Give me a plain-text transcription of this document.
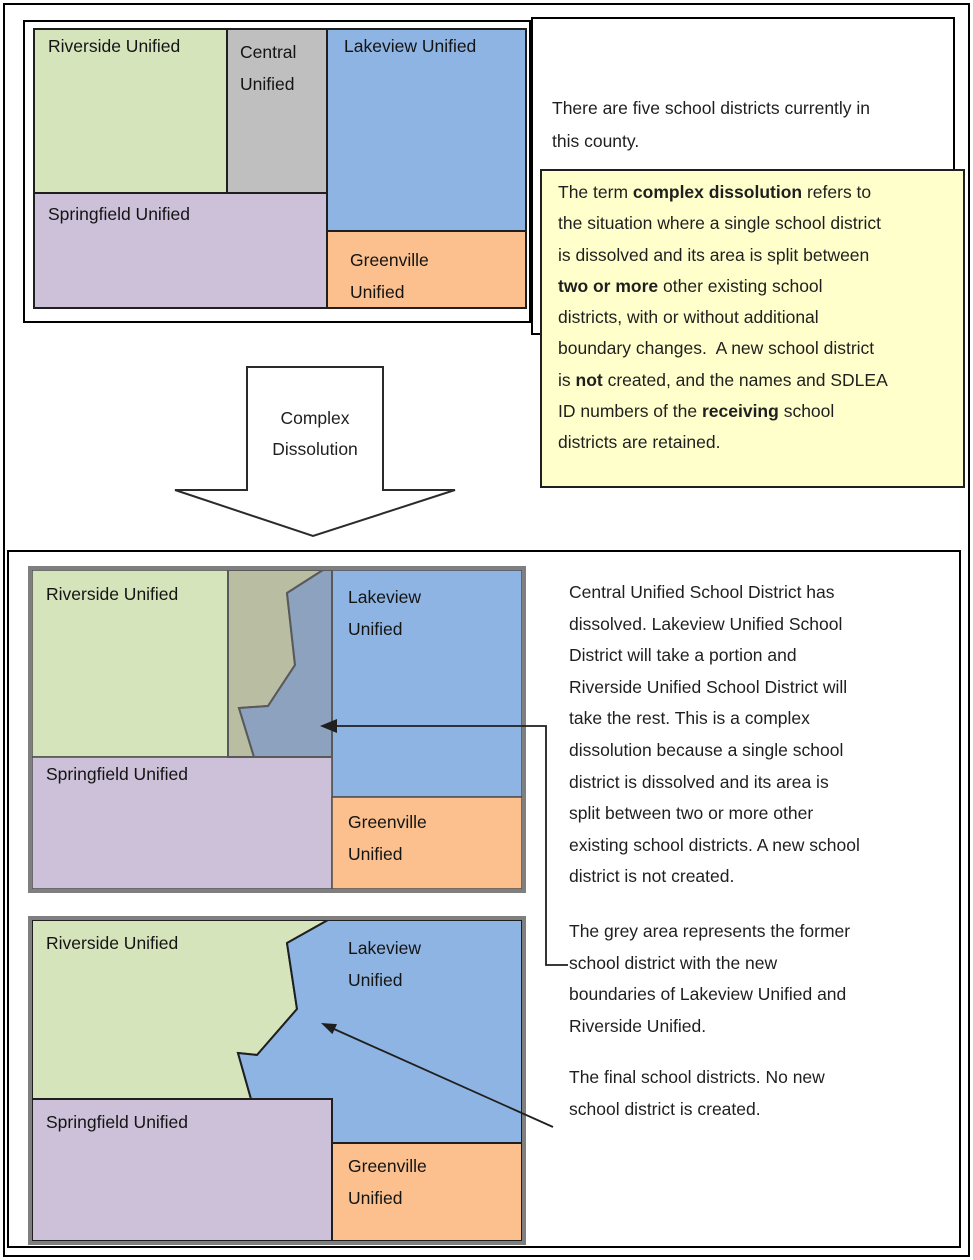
Riverside Unified	Central
Unified
Lakeview Unified
Springfield Unified
Greenville
Unified
There are five school districts currently in
this county.
The term complex dissolution refers to
the situation where a single school district
is dissolved and its area is split between
two or more other existing school
districts, with or without additional
boundary changes.  A new school district
is not created, and the names and SDLEA
ID numbers of the receiving school
districts are retained.
Complex
Dissolution
Riverside Unified	Lakeview
Unified
Springfield Unified
Greenville
Unified
Riverside Unified	Lakeview
Unified
Springfield Unified
Greenville
Unified
Central Unified School District has
dissolved. Lakeview Unified School
District will take a portion and
Riverside Unified School District will
take the rest. This is a complex
dissolution because a single school
district is dissolved and its area is
split between two or more other
existing school districts. A new school
district is not created.
The grey area represents the former
school district with the new
boundaries of Lakeview Unified and
Riverside Unified.
The final school districts. No new
school district is created.
